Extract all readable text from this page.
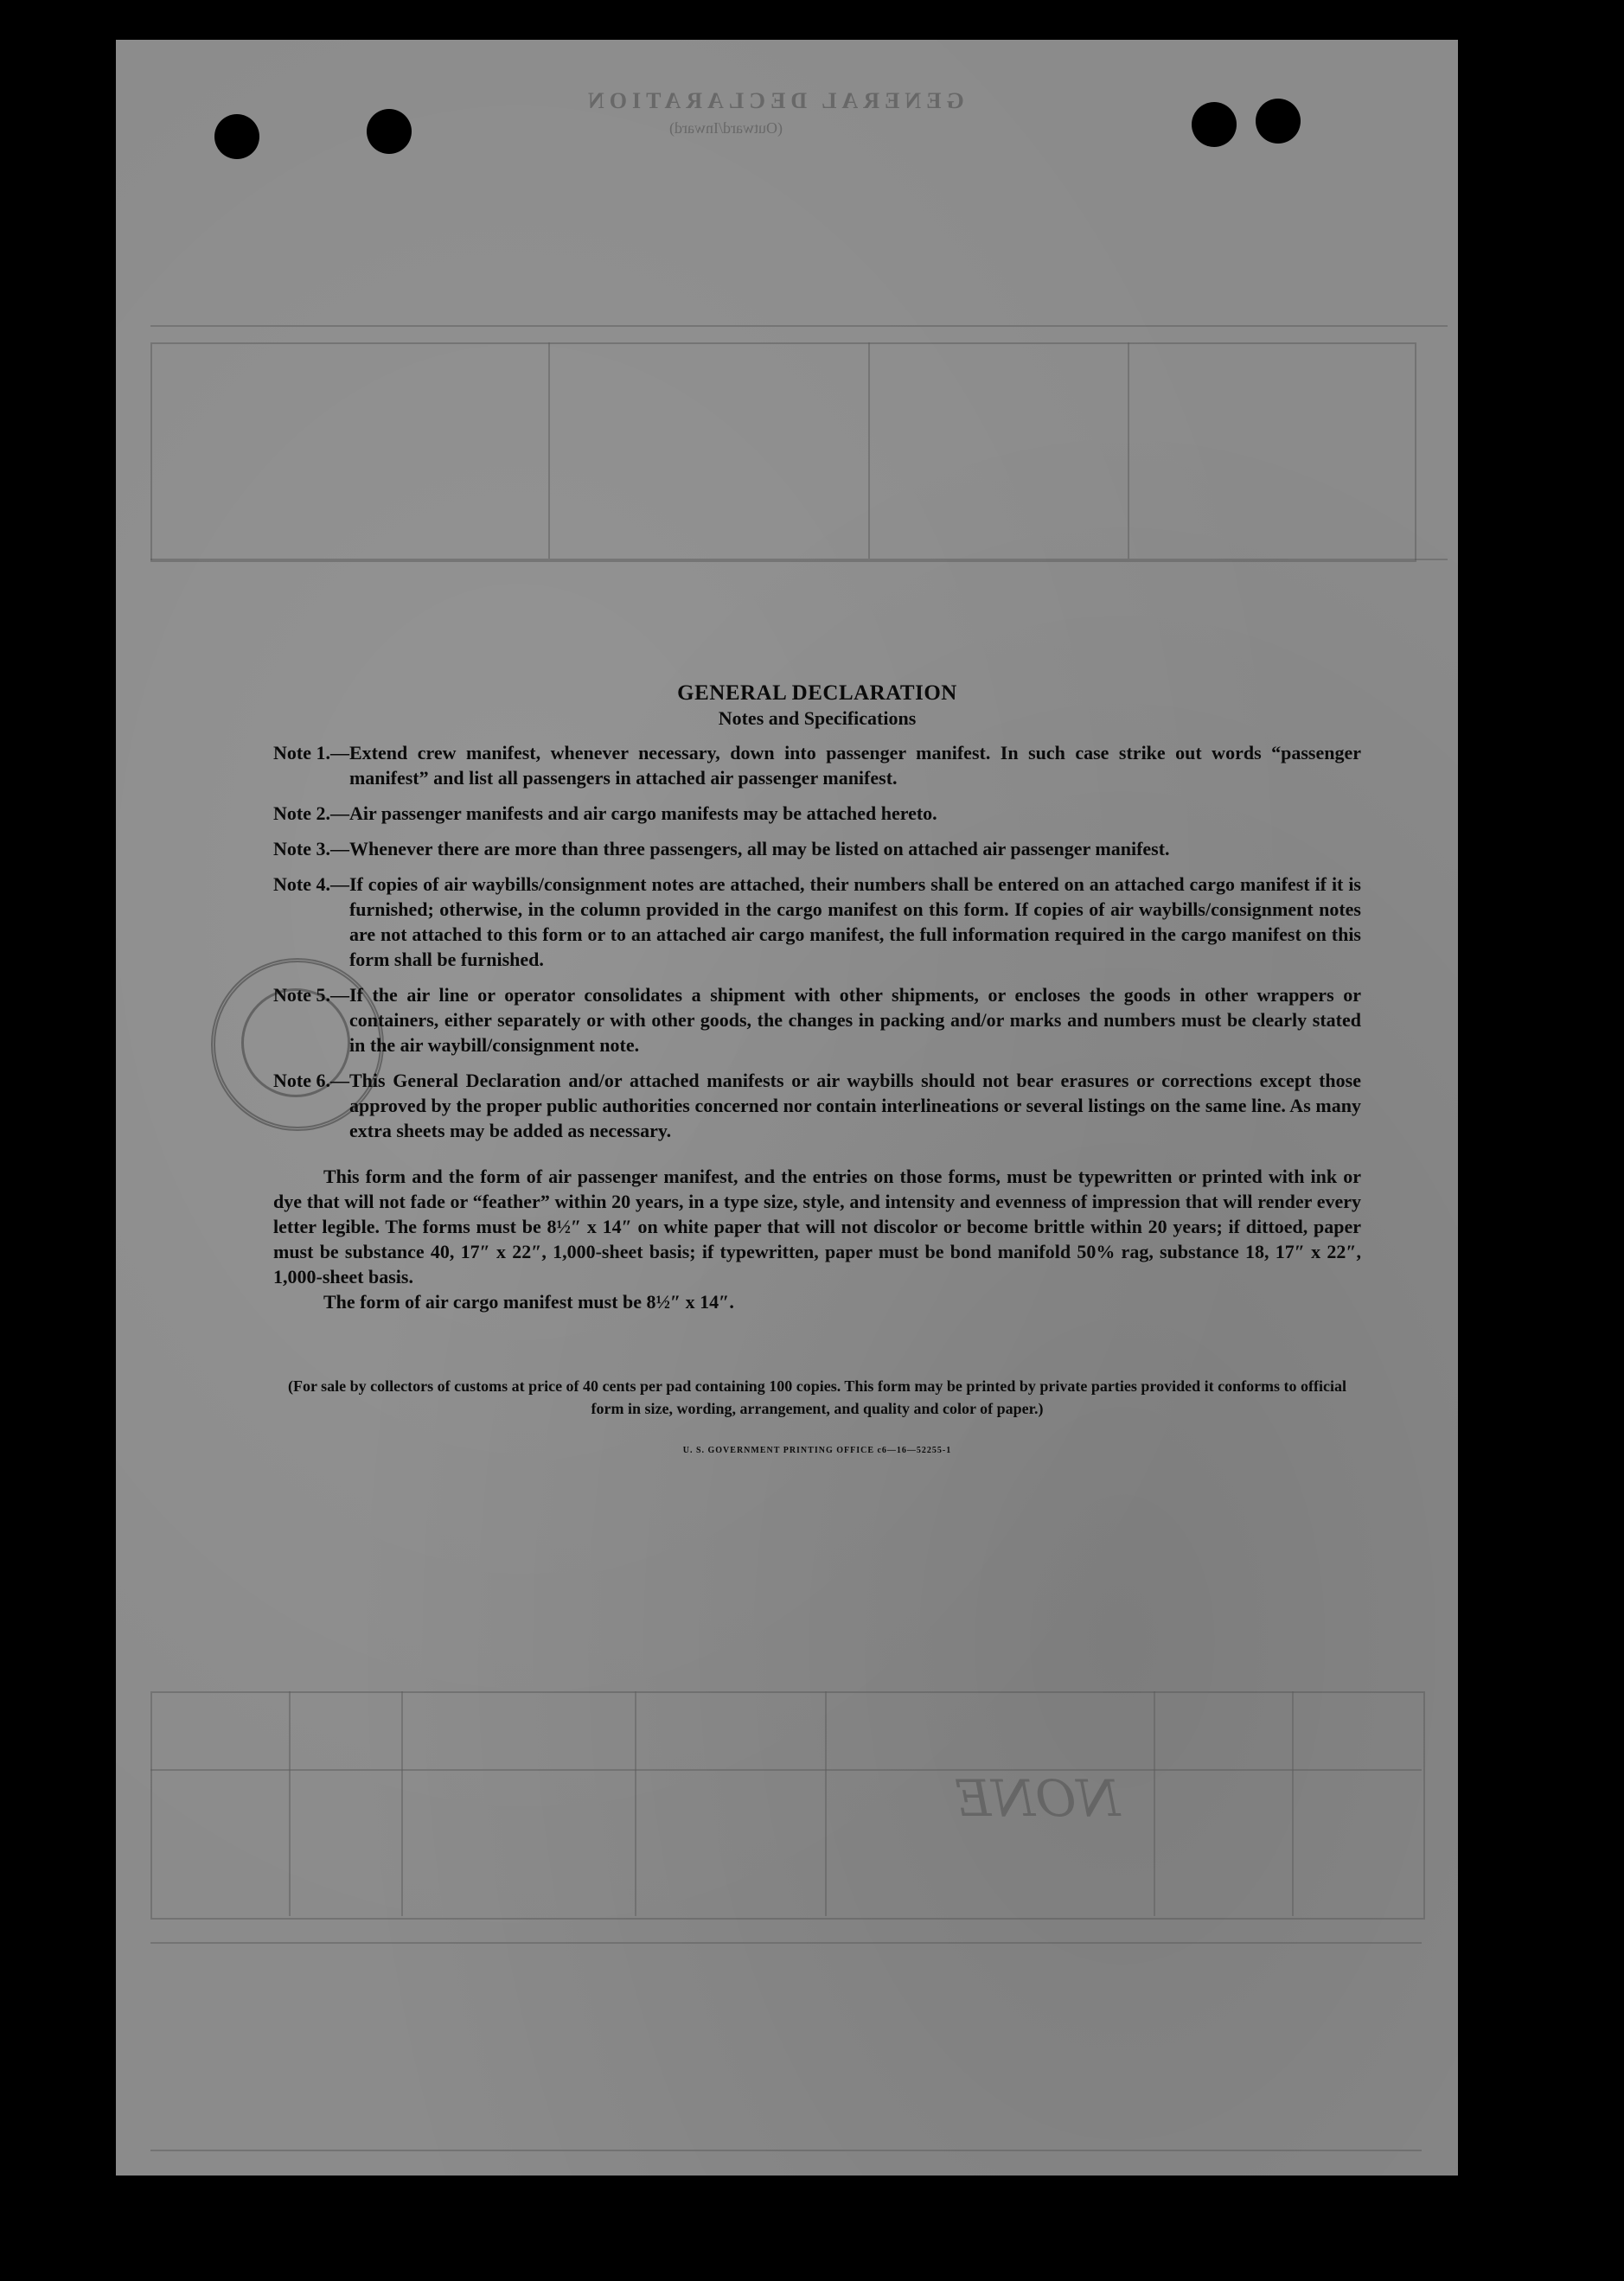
GENERAL DECLARATION
(Outward/Inward)
NONE
GENERAL DECLARATION
Notes and Specifications
Note 1.— Extend crew manifest, whenever necessary, down into passenger manifest. In such case strike out words “passenger manifest” and list all passengers in attached air passenger manifest.
Note 2.— Air passenger manifests and air cargo manifests may be attached hereto.
Note 3.— Whenever there are more than three passengers, all may be listed on attached air passenger manifest.
Note 4.— If copies of air waybills/consignment notes are attached, their numbers shall be entered on an attached cargo manifest if it is furnished; otherwise, in the column provided in the cargo manifest on this form. If copies of air waybills/consignment notes are not attached to this form or to an attached air cargo manifest, the full information required in the cargo manifest on this form shall be furnished.
Note 5.— If the air line or operator consolidates a shipment with other shipments, or encloses the goods in other wrappers or containers, either separately or with other goods, the changes in packing and/or marks and numbers must be clearly stated in the air waybill/consignment note.
Note 6.— This General Declaration and/or attached manifests or air waybills should not bear erasures or corrections except those approved by the proper public authorities concerned nor contain interlineations or several listings on the same line. As many extra sheets may be added as necessary.
This form and the form of air passenger manifest, and the entries on those forms, must be typewritten or printed with ink or dye that will not fade or “feather” within 20 years, in a type size, style, and intensity and evenness of impression that will render every letter legible. The forms must be 8½″ x 14″ on white paper that will not discolor or become brittle within 20 years; if dittoed, paper must be substance 40, 17″ x 22″, 1,000-sheet basis; if typewritten, paper must be bond manifold 50% rag, substance 18, 17″ x 22″, 1,000-sheet basis.
The form of air cargo manifest must be 8½″ x 14″.
(For sale by collectors of customs at price of 40 cents per pad containing 100 copies. This form may be printed by private parties provided it conforms to official form in size, wording, arrangement, and quality and color of paper.)
U. S. GOVERNMENT PRINTING OFFICE c6—16—52255-1
